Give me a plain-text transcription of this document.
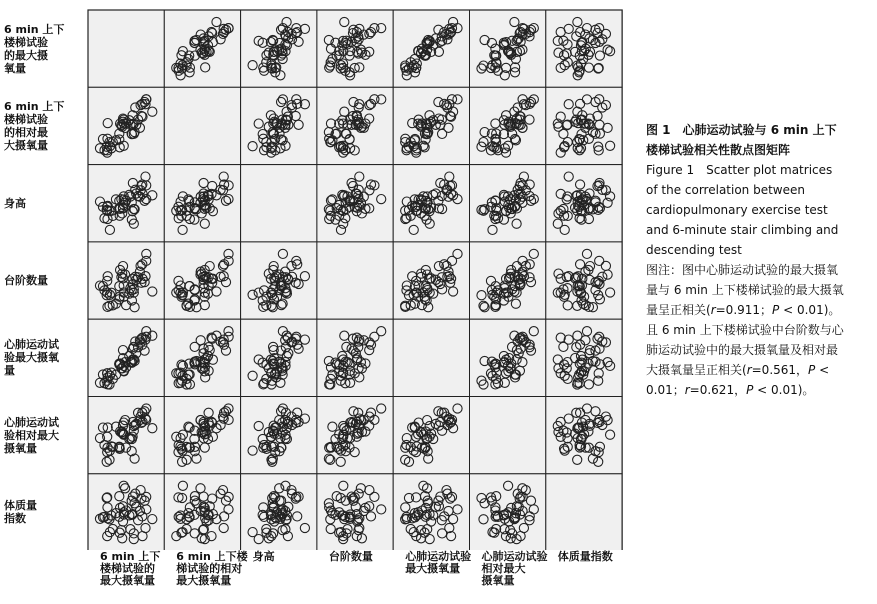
6 min 上下
楼梯试验
的最大摄
氧量
6 min 上下
楼梯试验
的相对最
大摄氧量
身高
台阶数量
心肺运动试
验最大摄氧
量
心肺运动试
验相对最大
摄氧量
体质量
指数
6 min 上下
楼梯试验的
最大摄氧量
6 min 上下楼
梯试验的相对
最大摄氧量
身高	台阶数量	心肺运动试验
最大摄氧量
心肺运动试验
相对最大
摄氧量
体质量指数
图 1　心肺运动试验与 6 min 上下楼梯试验相关性散点图矩阵
Figure 1　Scatter plot matrices of the correlation between cardiopulmonary exercise test and 6-minute stair climbing and descending test
图注：图中心肺运动试验的最大摄氧量与 6 min 上下楼梯试验的最大摄氧量呈正相关(r=0.911；P < 0.01)。且 6 min 上下楼梯试验中台阶数与心肺运动试验中的最大摄氧量及相对最大摄氧量呈正相关(r=0.561，P < 0.01；r=0.621，P < 0.01)。
